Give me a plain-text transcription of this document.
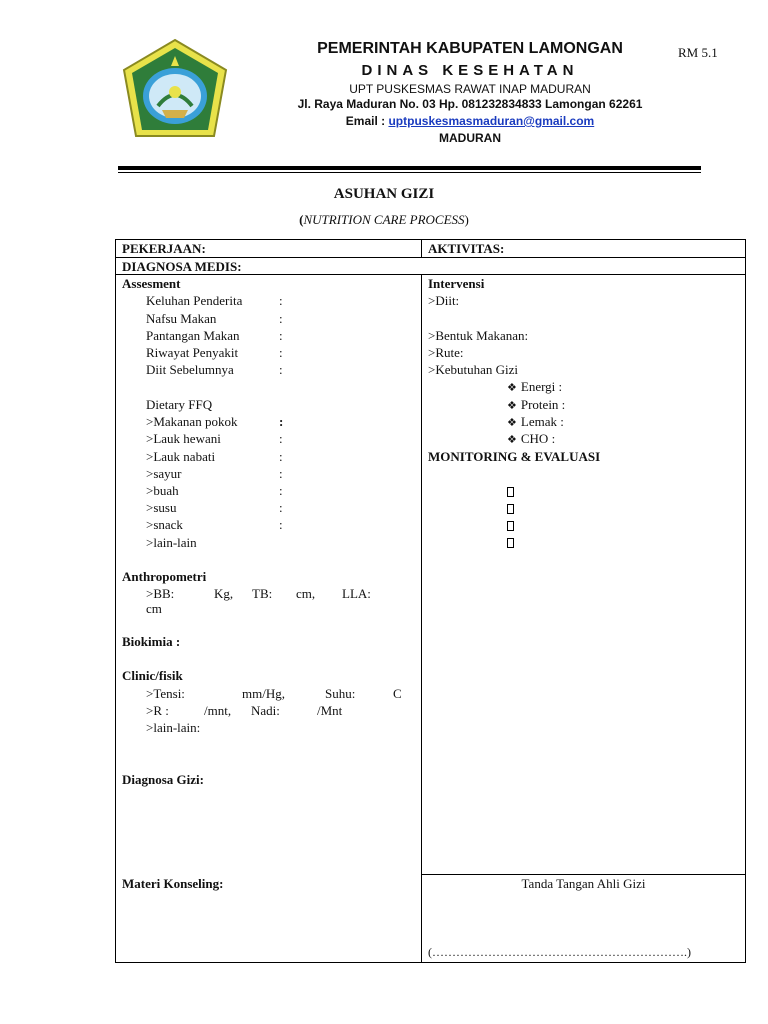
PEMERINTAH KABUPATEN LAMONGAN
DINAS KESEHATAN
UPT PUSKESMAS RAWAT INAP MADURAN
Jl. Raya Maduran No. 03 Hp. 081232834833 Lamongan 62261
Email : uptpuskesmasmaduran@gmail.com
MADURAN
RM 5.1
ASUHAN GIZI
(NUTRITION CARE PROCESS)
PEKERJAAN:	AKTIVITAS:
DIAGNOSA MEDIS:
Assesment
Keluhan Penderita	:
Nafsu Makan	:
Pantangan Makan	:
Riwayat Penyakit	:
Diit Sebelumnya	:
Dietary FFQ
>Makanan pokok	:
>Lauk hewani	:
>Lauk nabati	:
>sayur	:
>buah	:
>susu	:
>snack	:
>lain-lain
Anthropometri
>BB:	Kg, TB: cm, LLA:
cm
Biokimia :
Clinic/fisik
>Tensi:	mm/Hg,	Suhu:	C
>R :	/mnt, Nadi:	/Mnt
>lain-lain:
Diagnosa Gizi:
Materi Konseling:
Intervensi
>Diit:
>Bentuk Makanan:
>Rute:
>Kebutuhan Gizi
❖ Energi :
❖ Protein :
❖ Lemak :
❖ CHO :
MONITORING & EVALUASI
Tanda Tangan Ahli Gizi
(……………………………………………………….)
